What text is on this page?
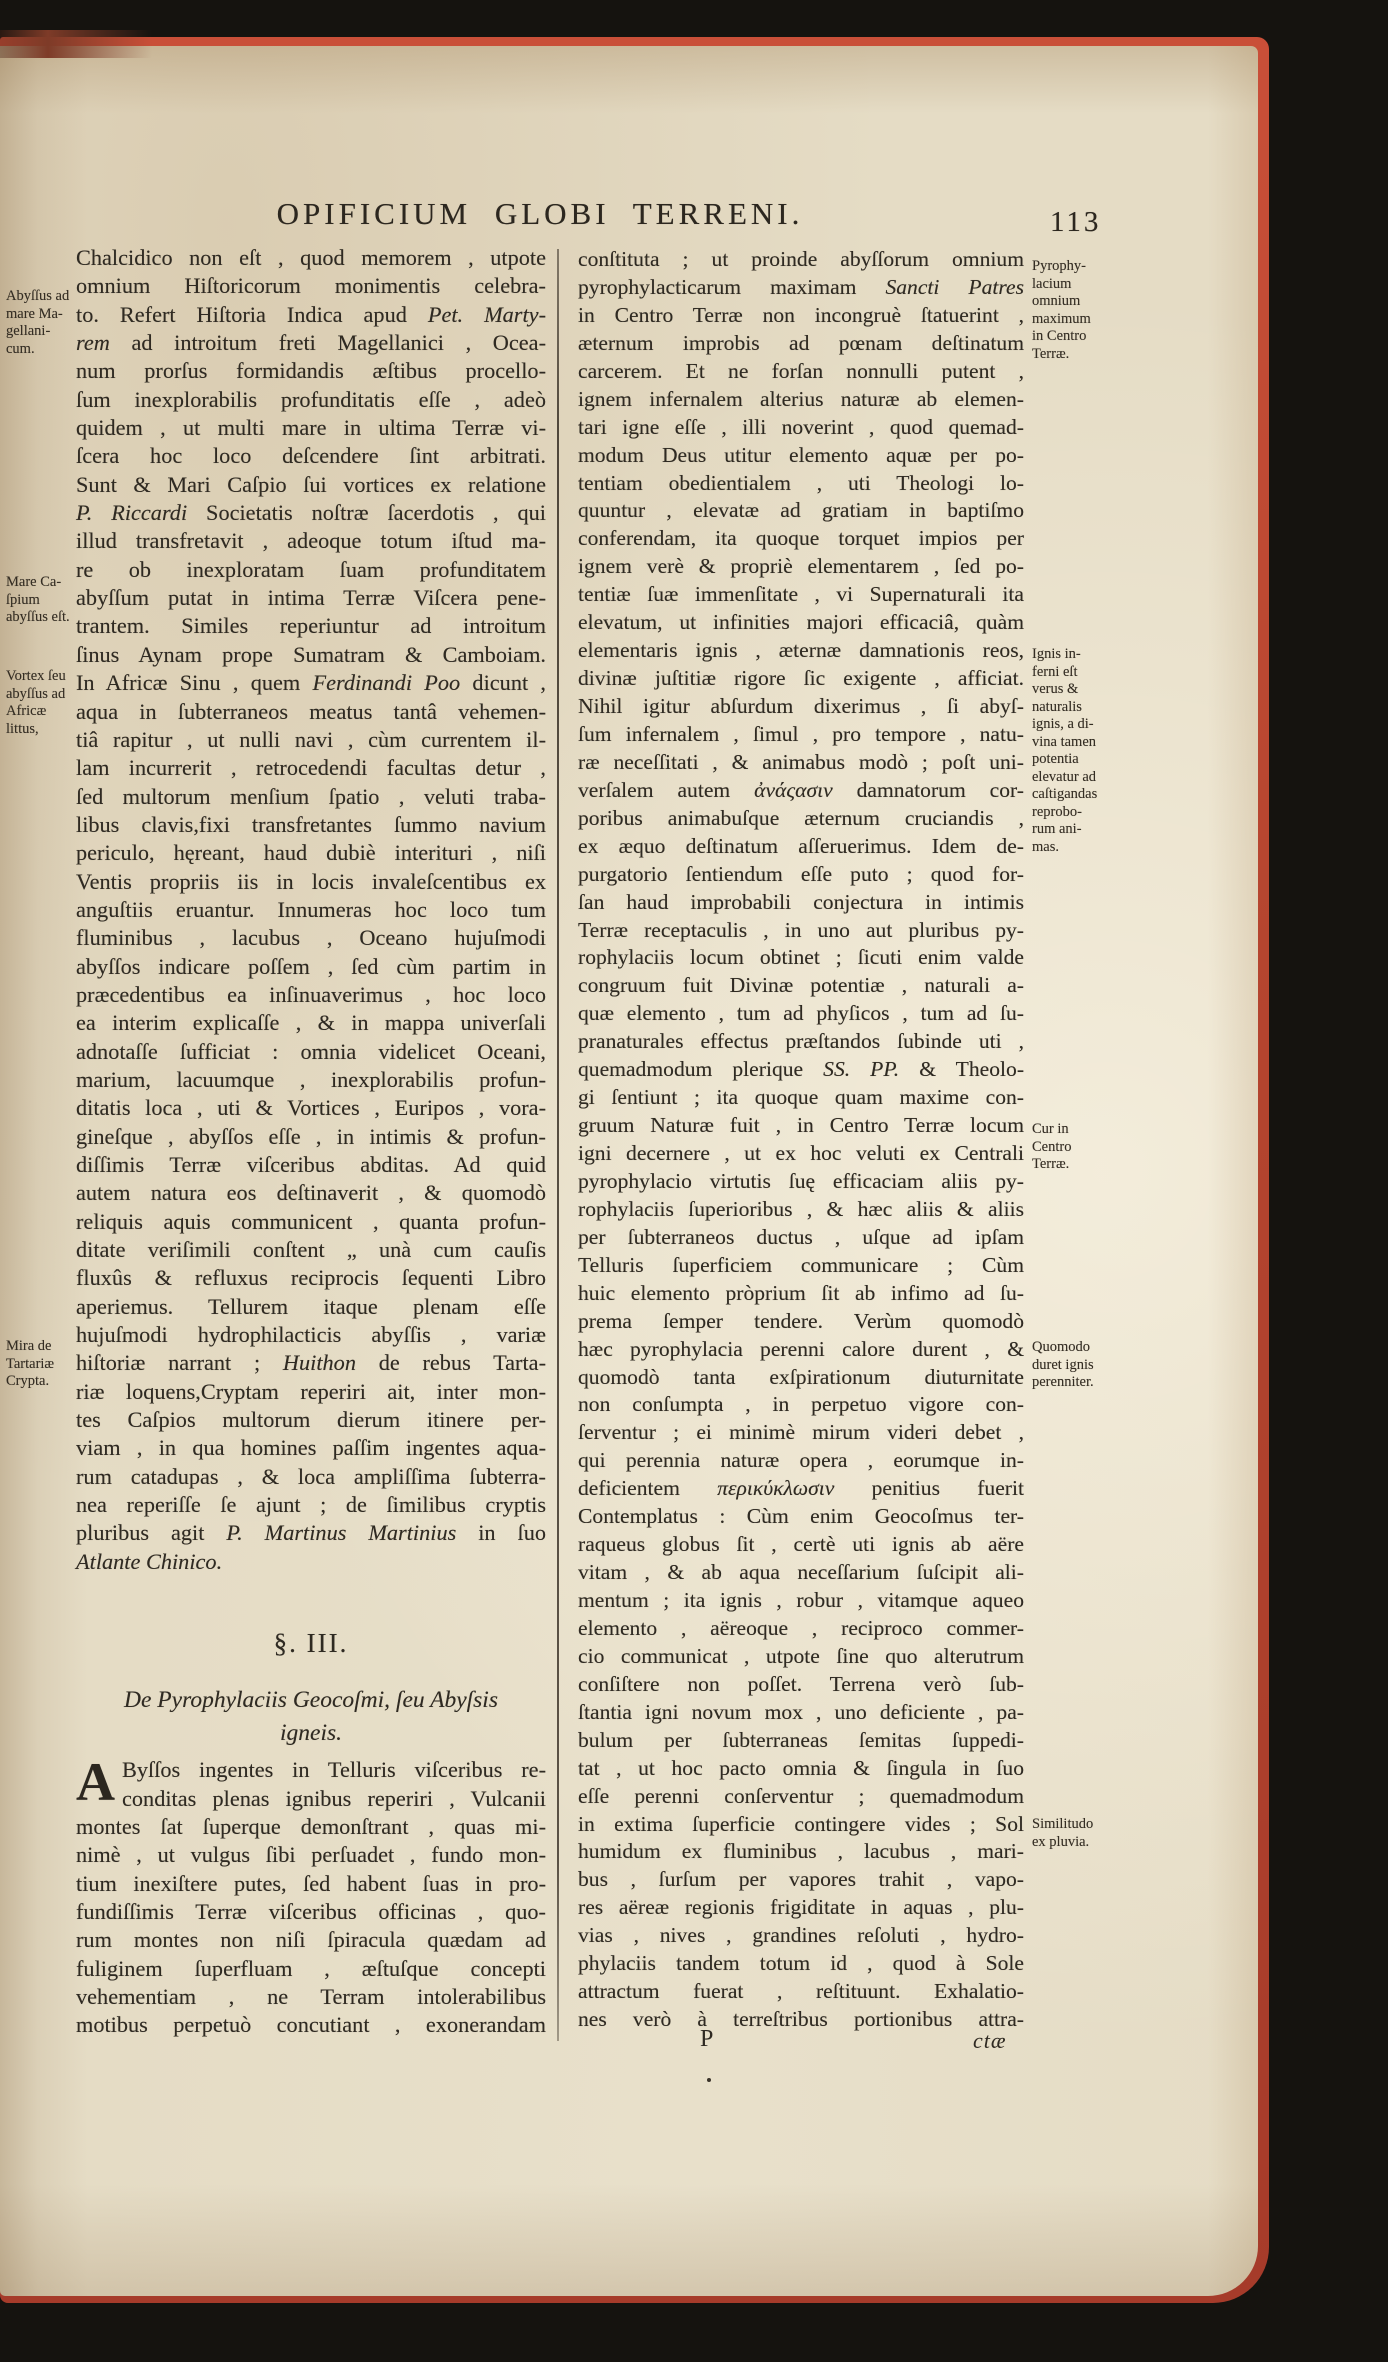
OPIFICIUM GLOBI TERRENI.	113
Chalcidico non eſt , quod memorem , utpote
omnium Hiſtoricorum monimentis celebra-
to. Refert Hiſtoria Indica apud Pet. Marty-
rem ad introitum freti Magellanici , Ocea-
num prorſus formidandis æſtibus procello-
ſum inexplorabilis profunditatis eſſe , adeò
quidem , ut multi mare in ultima Terræ vi-
ſcera hoc loco deſcendere ſint arbitrati.
Sunt & Mari Caſpio ſui vortices ex relatione
P. Riccardi Societatis noſtræ ſacerdotis , qui
illud transfretavit , adeoque totum iſtud ma-
re ob inexploratam ſuam profunditatem
abyſſum putat in intima Terræ Viſcera pene-
trantem. Similes reperiuntur ad introitum
ſinus Aynam prope Sumatram & Camboiam.
In Africæ Sinu , quem Ferdinandi Poo dicunt ,
aqua in ſubterraneos meatus tantâ vehemen-
tiâ rapitur , ut nulli navi , cùm currentem il-
lam incurrerit , retrocedendi facultas detur ,
ſed multorum menſium ſpatio , veluti traba-
libus clavis,fixi transfretantes ſummo navium
periculo, hęreant, haud dubiè interituri , niſi
Ventis propriis iis in locis invaleſcentibus ex
anguſtiis eruantur. Innumeras hoc loco tum
fluminibus , lacubus , Oceano hujuſmodi
abyſſos indicare poſſem , ſed cùm partim in
præcedentibus ea inſinuaverimus , hoc loco
ea interim explicaſſe , & in mappa univerſali
adnotaſſe ſufficiat : omnia videlicet Oceani,
marium, lacuumque , inexplorabilis profun-
ditatis loca , uti & Vortices , Euripos , vora-
gineſque , abyſſos eſſe , in intimis & profun-
diſſimis Terræ viſceribus abditas. Ad quid
autem natura eos deſtinaverit , & quomodò
reliquis aquis communicent , quanta profun-
ditate veriſimili conſtent „ unà cum cauſis
fluxûs & refluxus reciprocis ſequenti Libro
aperiemus. Tellurem itaque plenam eſſe
hujuſmodi hydrophilacticis abyſſis , variæ
hiſtoriæ narrant ; Huithon de rebus Tarta-
riæ loquens,Cryptam reperiri ait, inter mon-
tes Caſpios multorum dierum itinere per-
viam , in qua homines paſſim ingentes aqua-
rum catadupas , & loca ampliſſima ſubterra-
nea reperiſſe ſe ajunt ; de ſimilibus cryptis
pluribus agit P. Martinus Martinius in ſuo
Atlante Chinico.
§. III.
De Pyrophylaciis Geocoſmi, ſeu Abyſsis
igneis.
Byſſos ingentes in Telluris viſceribus re-
A conditas plenas ignibus reperiri , Vulcanii
montes ſat ſuperque demonſtrant , quas mi-
nimè , ut vulgus ſibi perſuadet , fundo mon-
tium inexiſtere putes, ſed habent ſuas in pro-
fundiſſimis Terræ viſceribus officinas , quo-
rum montes non niſi ſpiracula quædam ad
fuliginem ſuperfluam , æſtuſque concepti
vehementiam , ne Terram intolerabilibus
motibus perpetuò concutiant , exonerandam
conſtituta ; ut proinde abyſſorum omnium
pyrophylacticarum maximam Sancti Patres
in Centro Terræ non incongruè ſtatuerint ,
æternum improbis ad pœnam deſtinatum
carcerem. Et ne forſan nonnulli putent ,
ignem infernalem alterius naturæ ab elemen-
tari igne eſſe , illi noverint , quod quemad-
modum Deus utitur elemento aquæ per po-
tentiam obedientialem , uti Theologi lo-
quuntur , elevatæ ad gratiam in baptiſmo
conferendam, ita quoque torquet impios per
ignem verè & propriè elementarem , ſed po-
tentiæ ſuæ immenſitate , vi Supernaturali ita
elevatum, ut infinities majori efficaciâ, quàm
elementaris ignis , æternæ damnationis reos,
divinæ juſtitiæ rigore ſic exigente , afficiat.
Nihil igitur abſurdum dixerimus , ſi abyſ-
ſum infernalem , ſimul , pro tempore , natu-
ræ neceſſitati , & animabus modò ; poſt uni-
verſalem autem ἀνάςασιν damnatorum cor-
poribus animabuſque æternum cruciandis ,
ex æquo deſtinatum aſſeruerimus. Idem de-
purgatorio ſentiendum eſſe puto ; quod for-
ſan haud improbabili conjectura in intimis
Terræ receptaculis , in uno aut pluribus py-
rophylaciis locum obtinet ; ſicuti enim valde
congruum fuit Divinæ potentiæ , naturali a-
quæ elemento , tum ad phyſicos , tum ad ſu-
pranaturales effectus præſtandos ſubinde uti ,
quemadmodum plerique SS. PP. & Theolo-
gi ſentiunt ; ita quoque quam maxime con-
gruum Naturæ fuit , in Centro Terræ locum
igni decernere , ut ex hoc veluti ex Centrali
pyrophylacio virtutis ſuę efficaciam aliis py-
rophylaciis ſuperioribus , & hæc aliis & aliis
per ſubterraneos ductus , uſque ad ipſam
Telluris ſuperficiem communicare ; Cùm
huic elemento pròprium ſit ab infimo ad ſu-
prema ſemper tendere. Verùm quomodò
hæc pyrophylacia perenni calore durent , &
quomodò tanta exſpirationum diuturnitate
non conſumpta , in perpetuo vigore con-
ſerventur ; ei minimè mirum videri debet ,
qui perennia naturæ opera , eorumque in-
deficientem περικύκλωσιν penitius fuerit
Contemplatus : Cùm enim Geocoſmus ter-
raqueus globus ſit , certè uti ignis ab aëre
vitam , & ab aqua neceſſarium ſuſcipit ali-
mentum ; ita ignis , robur , vitamque aqueo
elemento , aëreoque , reciproco commer-
cio communicat , utpote ſine quo alterutrum
conſiſtere non poſſet. Terrena verò ſub-
ſtantia igni novum mox , uno deficiente , pa-
bulum per ſubterraneas ſemitas ſuppedi-
tat , ut hoc pacto omnia & ſingula in ſuo
eſſe perenni conſerventur ; quemadmodum
in extima ſuperficie contingere vides ; Sol
humidum ex fluminibus , lacubus , mari-
bus , ſurſum per vapores trahit , vapo-
res aëreæ regionis frigiditate in aquas , plu-
vias , nives , grandines reſoluti , hydro-
phylaciis tandem totum id , quod à Sole
attractum fuerat , reſtituunt. Exhalatio-
nes verò à terreſtribus portionibus attra-
Abyſſus ad
mare Ma-
gellani-
cum.
Mare Ca-
ſpium
abyſſus eſt.
Vortex ſeu
abyſſus ad
Africæ
littus,
Mira de
Tartariæ
Crypta.
Pyrophy-
lacium
omnium
maximum
in Centro
Terræ.
Ignis in-
ferni eſt
verus &
naturalis
ignis, a di-
vina tamen
potentia
elevatur ad
caſtigandas
reprobo-
rum ani-
mas.
Cur in
Centro
Terræ.
Quomodo
duret ignis
perenniter.
Similitudo
ex pluvia.
P	ctæ
